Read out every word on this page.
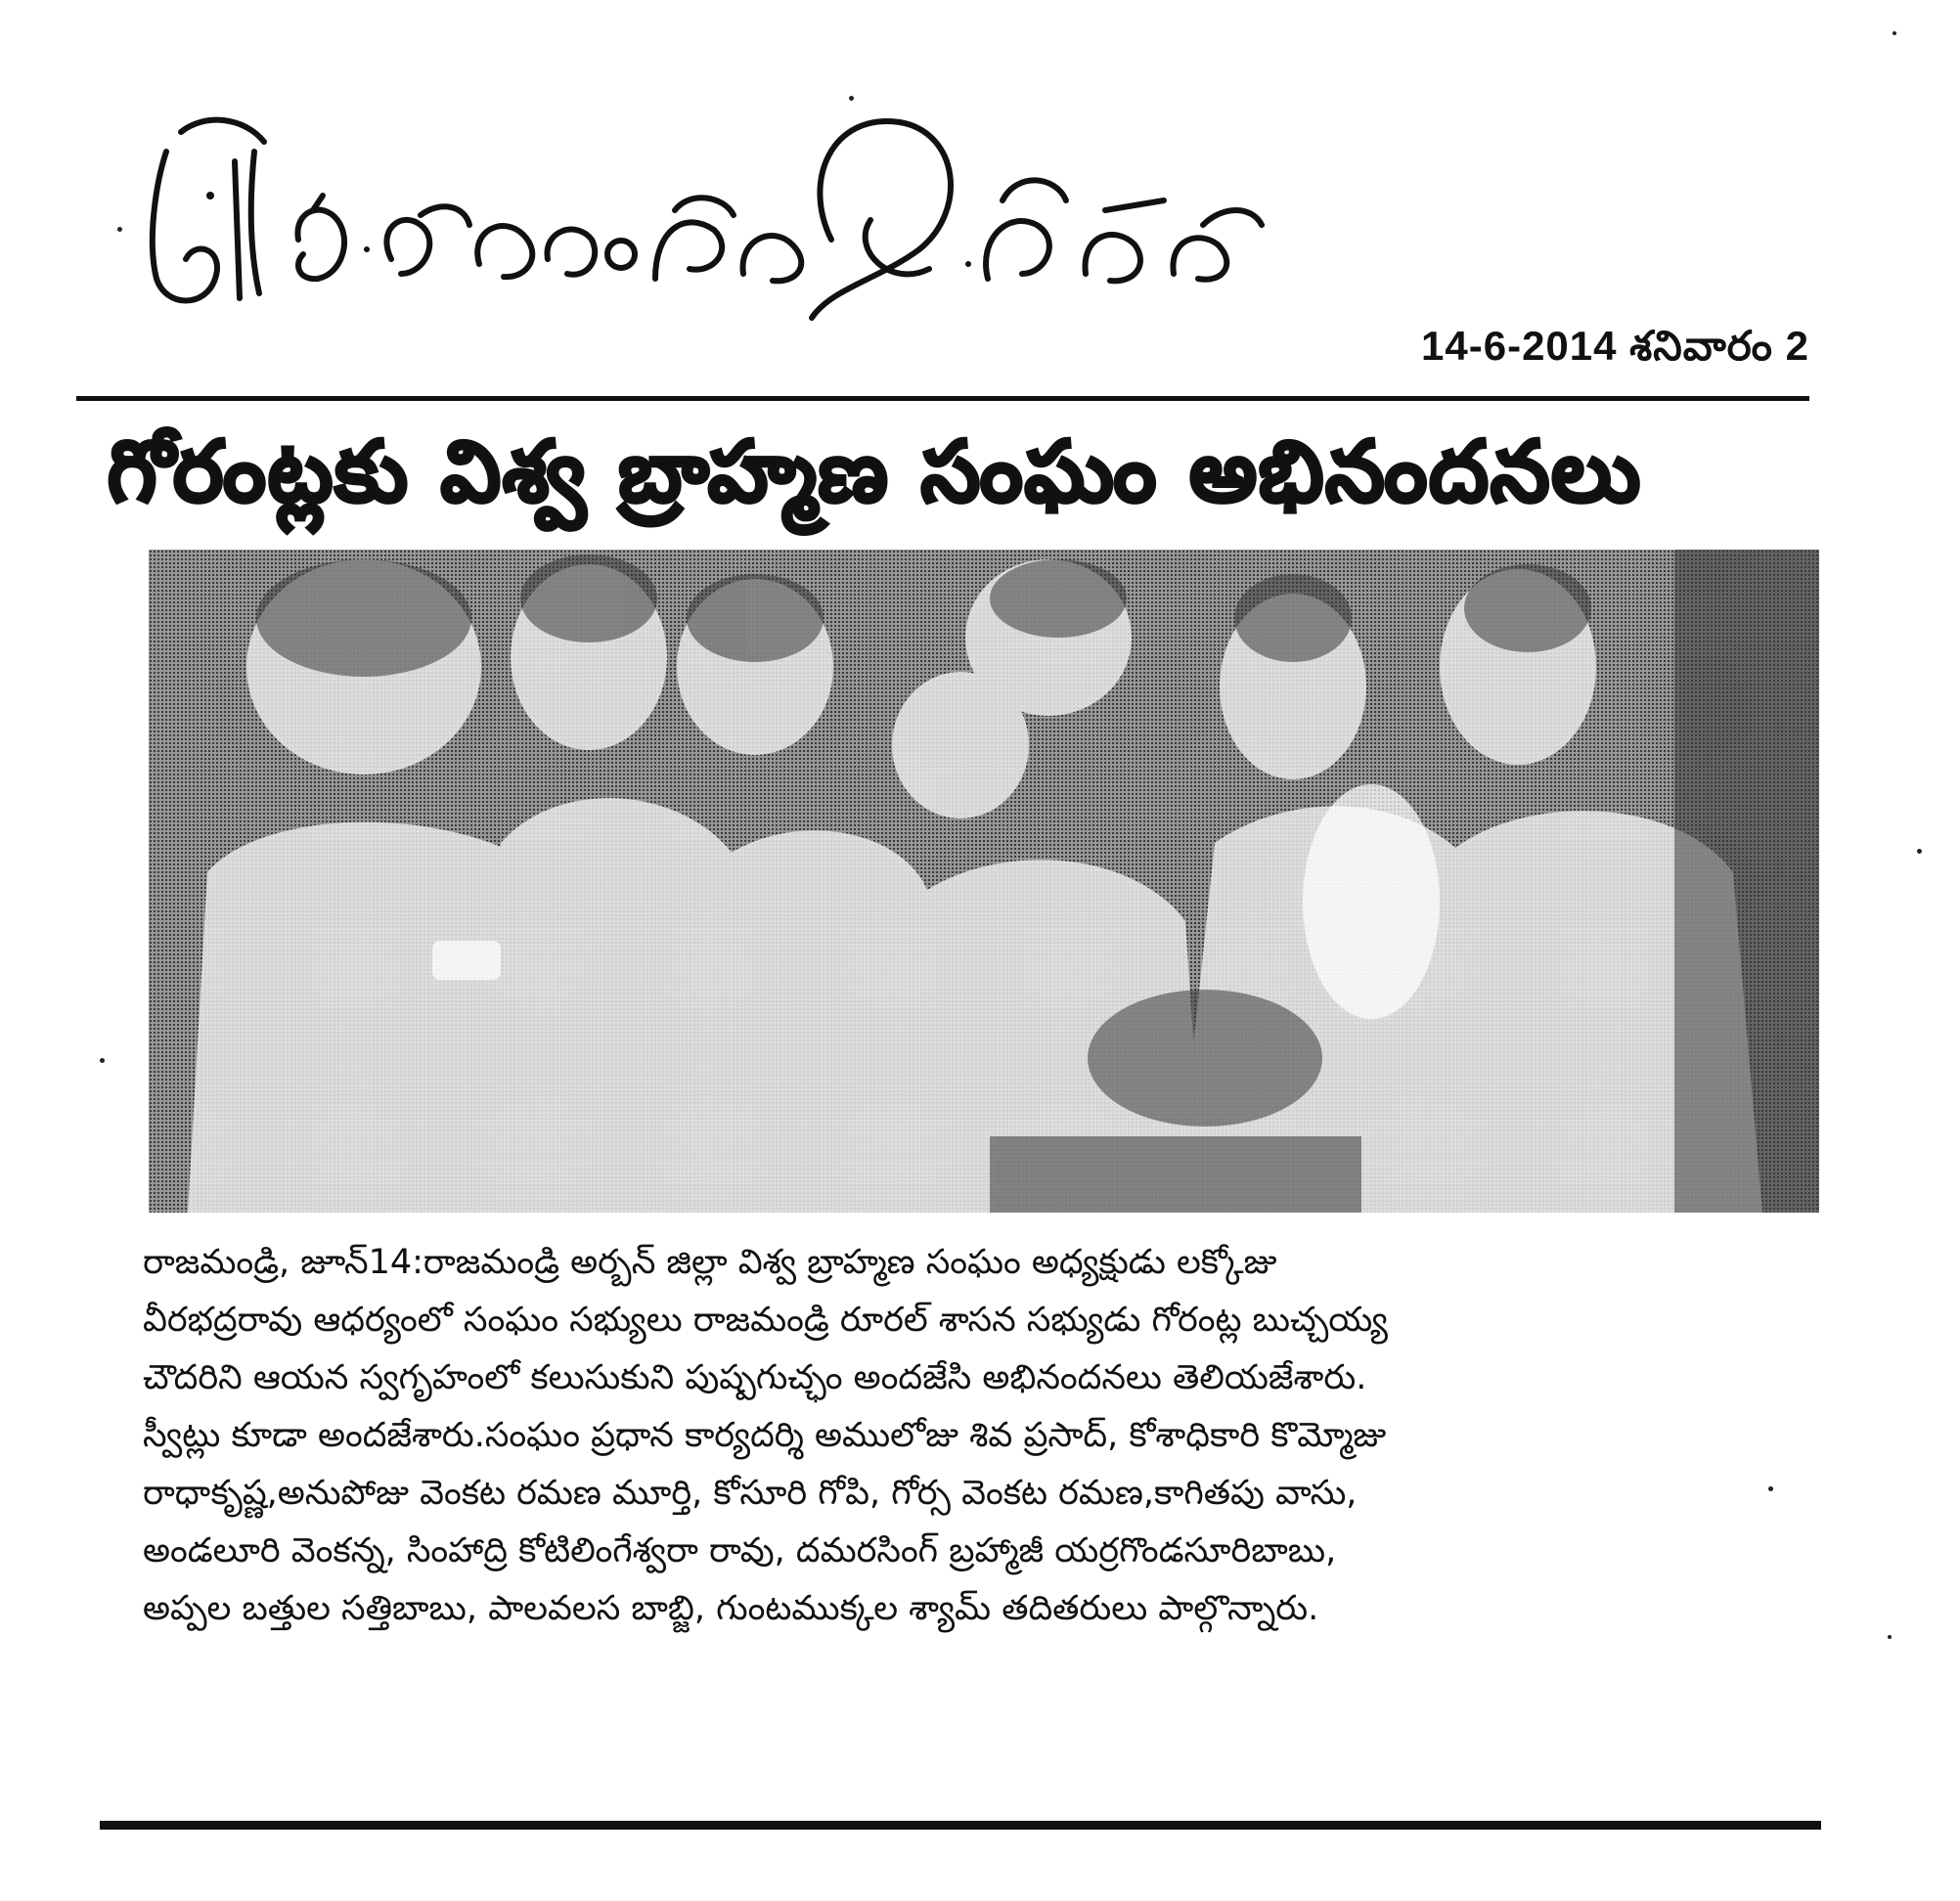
14-6-2014 శనివారం 2
గోరంట్లకు విశ్వ బ్రాహ్మణ సంఘం అభినందనలు
రాజమండ్రి, జూన్14:రాజమండ్రి అర్బన్ జిల్లా విశ్వ బ్రాహ్మణ సంఘం అధ్యక్షుడు లక్కోజు
వీరభద్రరావు ఆధర్యంలో సంఘం సభ్యులు రాజమండ్రి రూరల్ శాసన సభ్యుడు గోరంట్ల బుచ్చయ్య
చౌదరిని ఆయన స్వగృహంలో కలుసుకుని పుష్పగుచ్ఛం అందజేసి అభినందనలు తెలియజేశారు.
స్వీట్లు కూడా అందజేశారు.సంఘం ప్రధాన కార్యదర్శి అములోజు శివ ప్రసాద్, కోశాధికారి కొమ్మోజు
రాధాకృష్ణ,అనుపోజు వెంకట రమణ మూర్తి, కోసూరి గోపి, గోర్స వెంకట రమణ,కాగితపు వాసు,
అండలూరి వెంకన్న, సింహాద్రి కోటిలింగేశ్వరా రావు, దమరసింగ్ బ్రహ్మాజీ యర్రగొండసూరిబాబు,
అప్పల బత్తుల సత్తిబాబు, పాలవలస బాబ్జి, గుంటముక్కల శ్యామ్ తదితరులు పాల్గొన్నారు.
